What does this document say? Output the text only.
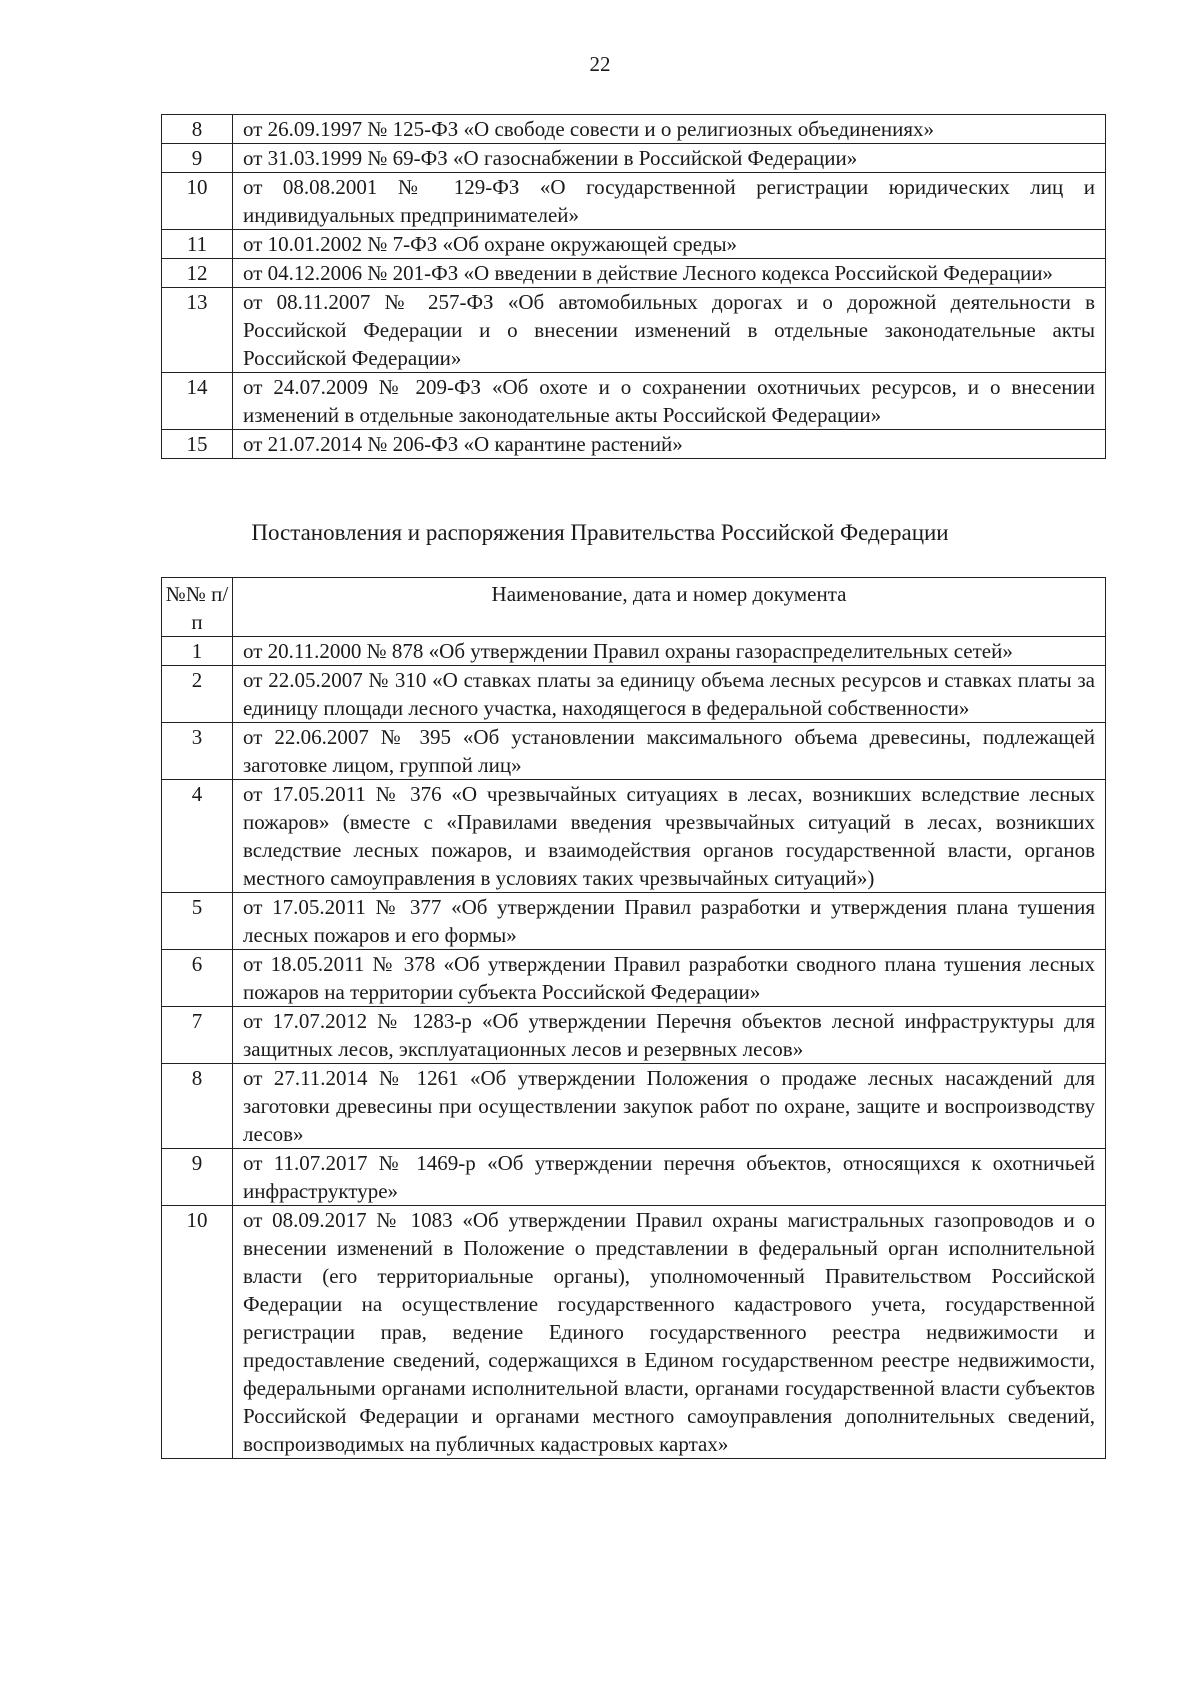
22
8	от 26.09.1997 № 125-ФЗ «О свободе совести и о религиозных объединениях»
9	от 31.03.1999 № 69-ФЗ «О газоснабжении в Российской Федерации»
10	от 08.08.2001 № 129-ФЗ «О государственной регистрации юридических лиц и индивидуальных предпринимателей»
11	от 10.01.2002 № 7-ФЗ «Об охране окружающей среды»
12	от 04.12.2006 № 201-ФЗ «О введении в действие Лесного кодекса Российской Федерации»
13	от 08.11.2007 № 257-ФЗ «Об автомобильных дорогах и о дорожной деятельности в Российской Федерации и о внесении изменений в отдельные законодательные акты Российской Федерации»
14	от 24.07.2009 № 209-ФЗ «Об охоте и о сохранении охотничьих ресурсов, и о внесении изменений в отдельные законодательные акты Российской Федерации»
15	от 21.07.2014 № 206-ФЗ «О карантине растений»
Постановления и распоряжения Правительства Российской Федерации
№№ п/п	Наименование, дата и номер документа
1	от 20.11.2000 № 878 «Об утверждении Правил охраны газораспределительных сетей»
2	от 22.05.2007 № 310 «О ставках платы за единицу объема лесных ресурсов и ставках платы за единицу площади лесного участка, находящегося в федеральной собственности»
3	от 22.06.2007 № 395 «Об установлении максимального объема древесины, подлежащей заготовке лицом, группой лиц»
4	от 17.05.2011 № 376 «О чрезвычайных ситуациях в лесах, возникших вследствие лесных пожаров» (вместе с «Правилами введения чрезвычайных ситуаций в лесах, возникших вследствие лесных пожаров, и взаимодействия органов государственной власти, органов местного самоуправления в условиях таких чрезвычайных ситуаций»)
5	от 17.05.2011 № 377 «Об утверждении Правил разработки и утверждения плана тушения лесных пожаров и его формы»
6	от 18.05.2011 № 378 «Об утверждении Правил разработки сводного плана тушения лесных пожаров на территории субъекта Российской Федерации»
7	от 17.07.2012 № 1283-р «Об утверждении Перечня объектов лесной инфраструктуры для защитных лесов, эксплуатационных лесов и резервных лесов»
8	от 27.11.2014 № 1261 «Об утверждении Положения о продаже лесных насаждений для заготовки древесины при осуществлении закупок работ по охране, защите и воспроизводству лесов»
9	от 11.07.2017 № 1469-р «Об утверждении перечня объектов, относящихся к охотничьей инфраструктуре»
10	от 08.09.2017 № 1083 «Об утверждении Правил охраны магистральных газопроводов и о внесении изменений в Положение о представлении в федеральный орган исполнительной власти (его территориальные органы), уполномоченный Правительством Российской Федерации на осуществление государственного кадастрового учета, государственной регистрации прав, ведение Единого государственного реестра недвижимости и предоставление сведений, содержащихся в Едином государственном реестре недвижимости, федеральными органами исполнительной власти, органами государственной власти субъектов Российской Федерации и органами местного самоуправления дополнительных сведений, воспроизводимых на публичных кадастровых картах»
